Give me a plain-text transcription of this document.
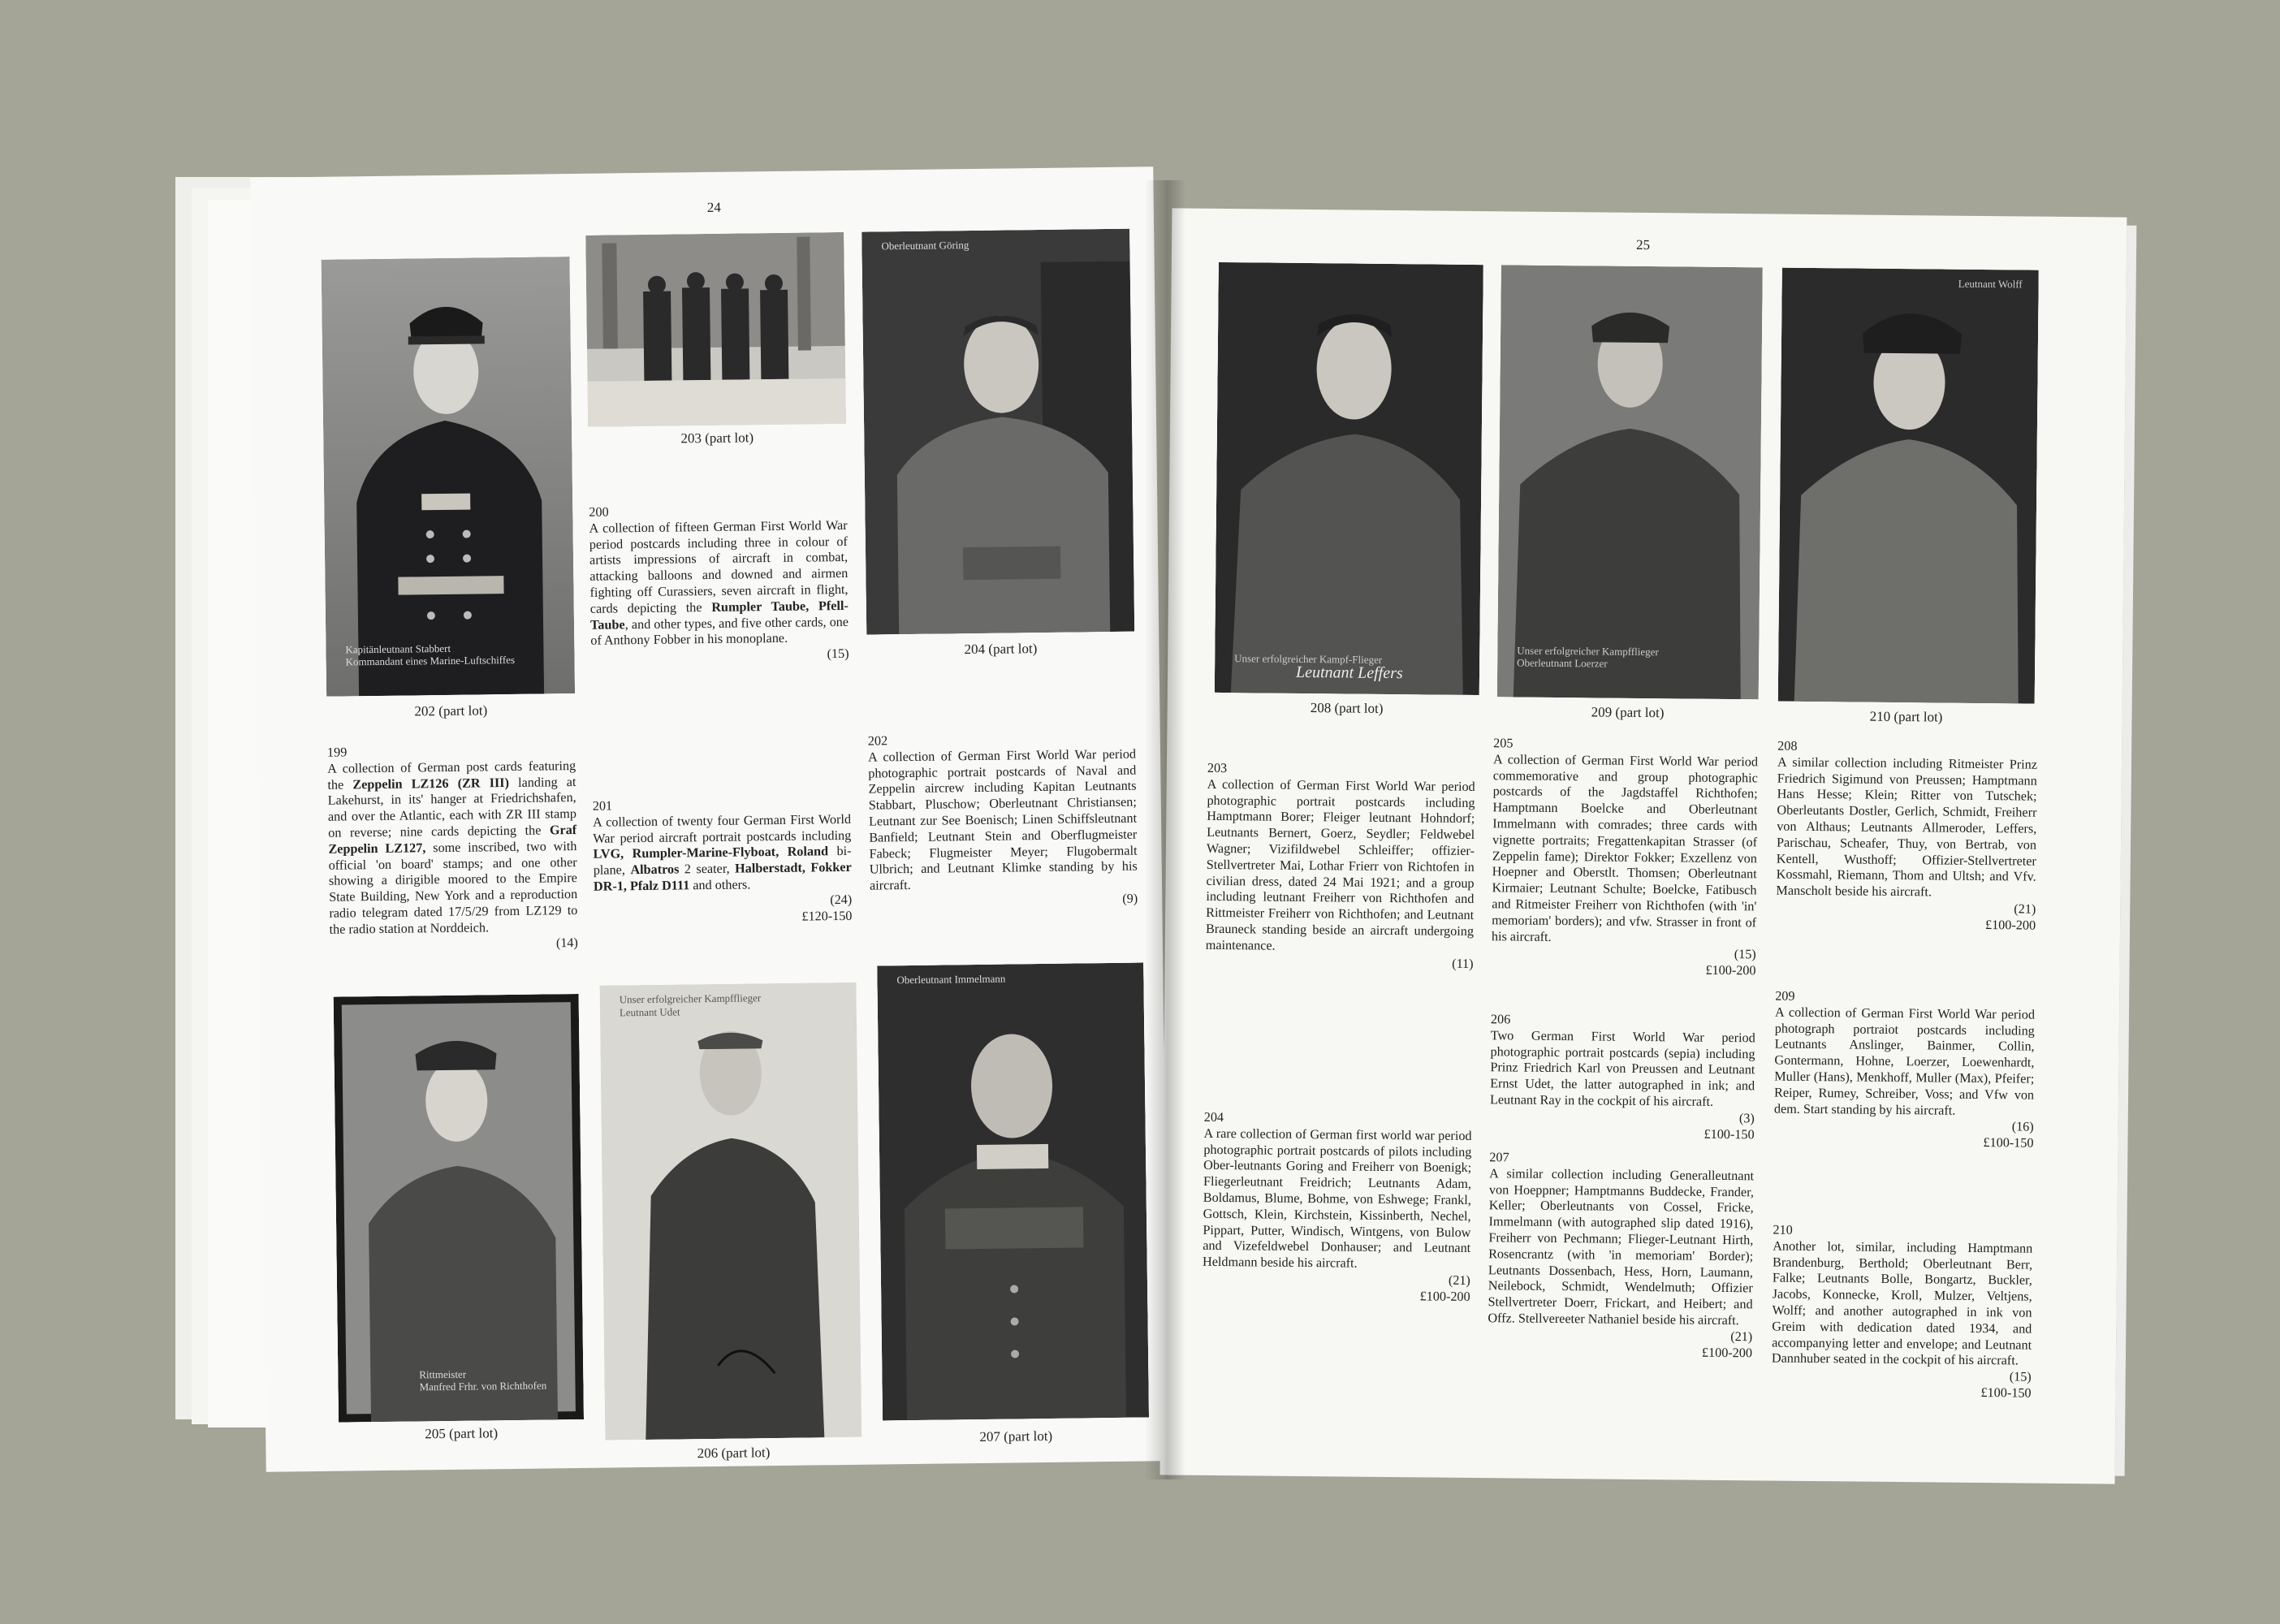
24
Kapitänleutnant Stabbert
Kommandant eines Marine-Luftschiffes
202 (part lot)
203 (part lot)
Oberleutnant Göring
204 (part lot)
200
A collection of fifteen German First World War period postcards including three in colour of artists impressions of aircraft in combat, attacking balloons and downed and airmen fighting off Curassiers, seven aircraft in flight, cards depicting the Rumpler Taube, Pfell-Taube, and other types, and five other cards, one of Anthony Fobber in his monoplane.
(15)
199
A collection of German post cards featuring the Zeppelin LZ126 (ZR III) landing at Lakehurst, in its' hanger at Friedrichshafen, and over the Atlantic, each with ZR III stamp on reverse; nine cards depicting the Graf Zeppelin LZ127, some inscribed, two with official 'on board' stamps; and one other showing a dirigible moored to the Empire State Building, New York and a reproduction radio telegram dated 17/5/29 from LZ129 to the radio station at Norddeich.
(14)
201
A collection of twenty four German First World War period aircraft portrait postcards including LVG, Rumpler-Marine-Flyboat, Roland bi-plane, Albatros 2 seater, Halberstadt, Fokker DR-1, Pfalz D111 and others.
(24)
£120-150
202
A collection of German First World War period photographic portrait postcards of Naval and Zeppelin aircrew including Kapitan Leutnants Stabbart, Pluschow; Oberleutnant Christiansen; Leutnant zur See Boenisch; Linen Schiffsleutnant Banfield; Leutnant Stein and Oberflugmeister Fabeck; Flugmeister Meyer; Flugobermalt Ulbrich; and Leutnant Klimke standing by his aircraft.
(9)
Rittmeister
Manfred Frhr. von Richthofen
205 (part lot)
Unser erfolgreicher Kampfflieger
Leutnant Udet
206 (part lot)
Oberleutnant Immelmann
207 (part lot)
25
Unser erfolgreicher Kampf-Flieger
Leutnant Leffers
208 (part lot)
Unser erfolgreicher Kampfflieger
Oberleutnant Loerzer
209 (part lot)
Leutnant Wolff
210 (part lot)
203
A collection of German First World War period photographic portrait postcards including Hamptmann Borer; Fleiger leutnant Hohndorf; Leutnants Bernert, Goerz, Seydler; Feldwebel Wagner; Vizifildwebel Schleiffer; offizier-Stellvertreter Mai, Lothar Frierr von Richtofen in civilian dress, dated 24 Mai 1921; and a group including leutnant Freiherr von Richthofen and Rittmeister Freiherr von Richthofen; and Leutnant Brauneck standing beside an aircraft undergoing maintenance.
(11)
204
A rare collection of German first world war period photographic portrait postcards of pilots including Ober-leutnants Goring and Freiherr von Boenigk; Fliegerleutnant Freidrich; Leutnants Adam, Boldamus, Blume, Bohme, von Eshwege; Frankl, Gottsch, Klein, Kirchstein, Kissinberth, Nechel, Pippart, Putter, Windisch, Wintgens, von Bulow and Vizefeldwebel Donhauser; and Leutnant Heldmann beside his aircraft.
(21)
£100-200
205
A collection of German First World War period commemorative and group photographic postcards of the Jagdstaffel Richthofen; Hamptmann Boelcke and Oberleutnant Immelmann with comrades; three cards with vignette portraits; Fregattenkapitan Strasser (of Zeppelin fame); Direktor Fokker; Exzellenz von Hoepner and Oberstlt. Thomsen; Oberleutnant Kirmaier; Leutnant Schulte; Boelcke, Fatibusch and Ritmeister Freiherr von Richthofen (with 'in' memoriam' borders); and vfw. Strasser in front of his aircraft.
(15)
£100-200
206
Two German First World War period photographic portrait postcards (sepia) including Prinz Friedrich Karl von Preussen and Leutnant Ernst Udet, the latter autographed in ink; and Leutnant Ray in the cockpit of his aircraft.
(3)
£100-150
207
A similar collection including Generalleutnant von Hoeppner; Hamptmanns Buddecke, Frander, Keller; Oberleutnants von Cossel, Fricke, Immelmann (with autographed slip dated 1916), Freiherr von Pechmann; Flieger-Leutnant Hirth, Rosencrantz (with 'in memoriam' Border); Leutnants Dossenbach, Hess, Horn, Laumann, Neilebock, Schmidt, Wendelmuth; Offizier Stellvertreter Doerr, Frickart, and Heibert; and Offz. Stellvereeter Nathaniel beside his aircraft.
(21)
£100-200
208
A similar collection including Ritmeister Prinz Friedrich Sigimund von Preussen; Hamptmann Hans Hesse; Klein; Ritter von Tutschek; Oberleutants Dostler, Gerlich, Schmidt, Freiherr von Althaus; Leutnants Allmeroder, Leffers, Parischau, Scheafer, Thuy, von Bertrab, von Kentell, Wusthoff; Offizier-Stellvertreter Kossmahl, Riemann, Thom and Ultsh; and Vfv. Manscholt beside his aircraft.
(21)
£100-200
209
A collection of German First World War period photograph portraiot postcards including Leutnants Anslinger, Bainmer, Collin, Gontermann, Hohne, Loerzer, Loewenhardt, Muller (Hans), Menkhoff, Muller (Max), Pfeifer; Reiper, Rumey, Schreiber, Voss; and Vfw von dem. Start standing by his aircraft.
(16)
£100-150
210
Another lot, similar, including Hamptmann Brandenburg, Berthold; Oberleutnant Berr, Falke; Leutnants Bolle, Bongartz, Buckler, Jacobs, Konnecke, Kroll, Mulzer, Veltjens, Wolff; and another autographed in ink von Greim with dedication dated 1934, and accompanying letter and envelope; and Leutnant Dannhuber seated in the cockpit of his aircraft.
(15)
£100-150
